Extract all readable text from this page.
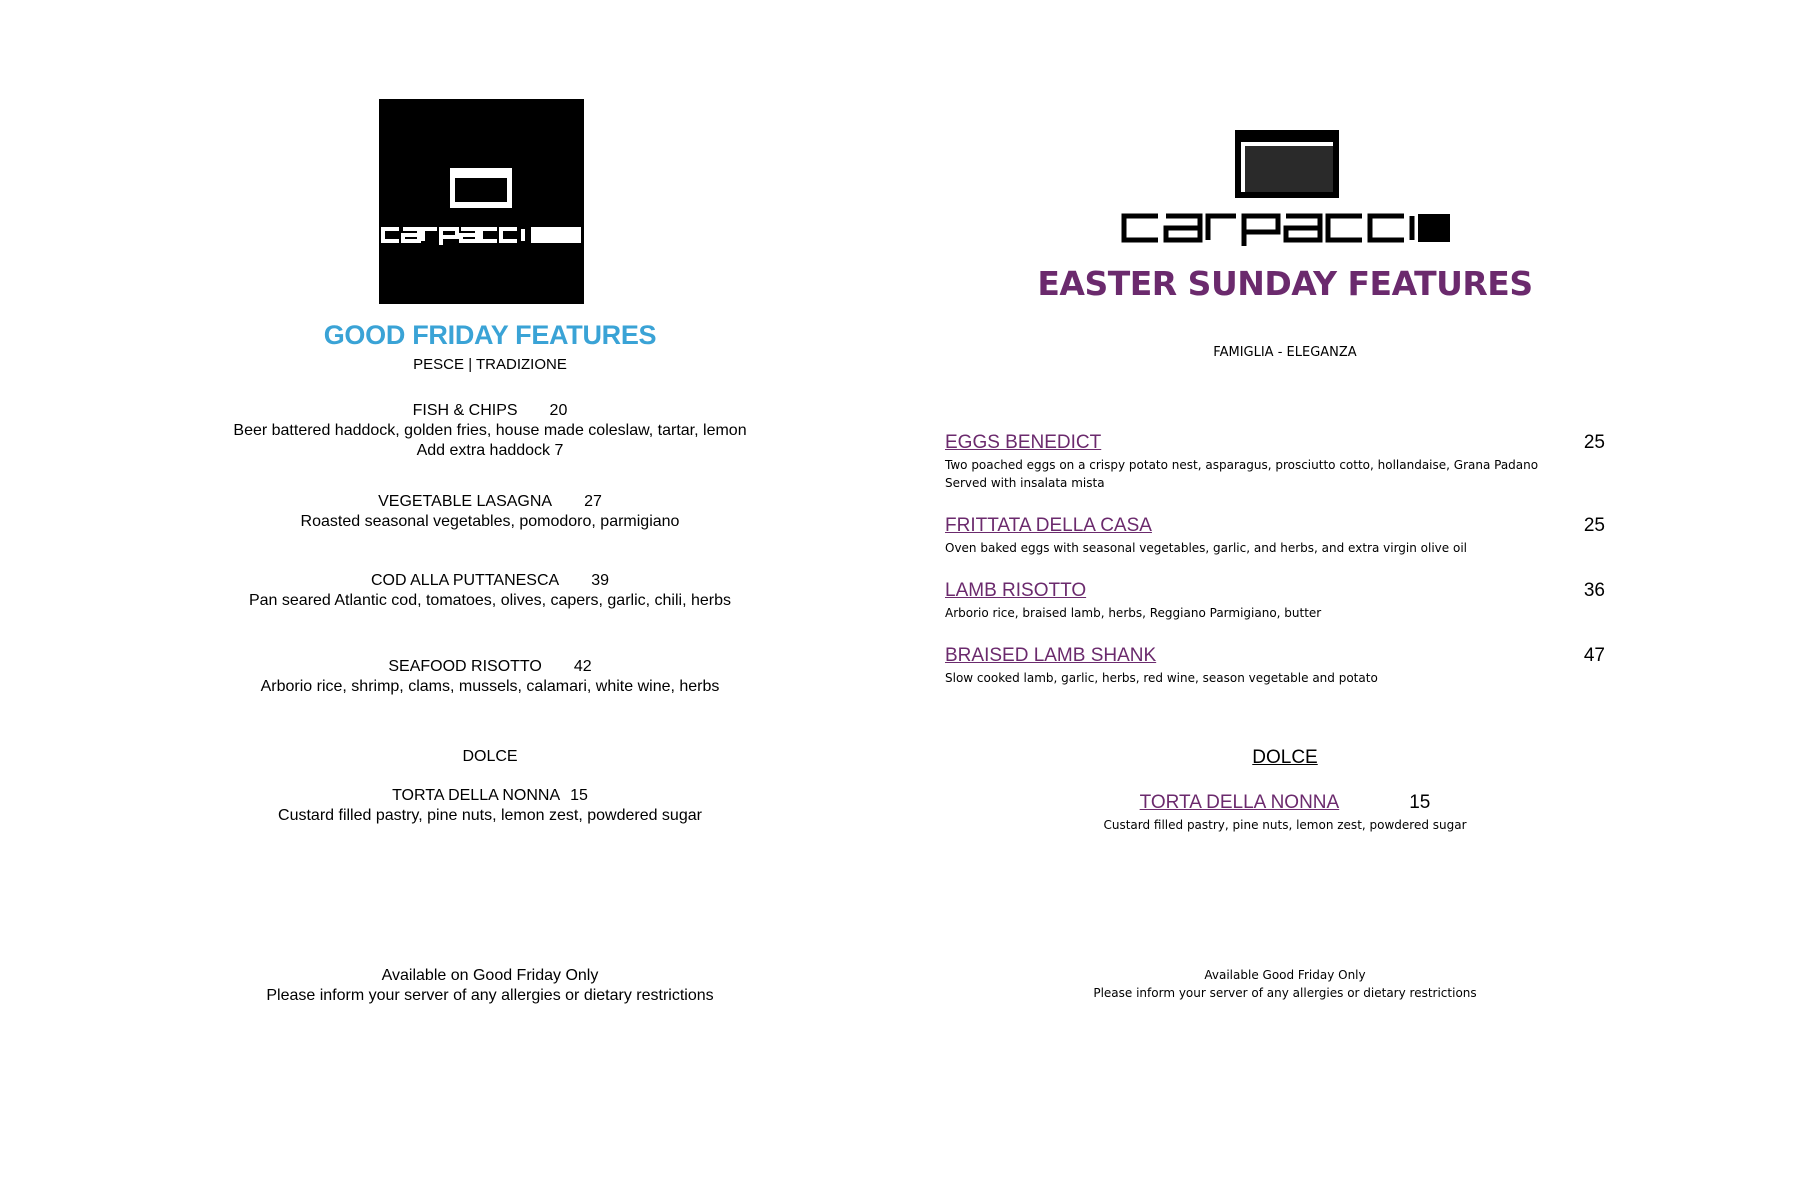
GOOD FRIDAY FEATURES
PESCE | TRADIZIONE
FISH & CHIPS 20
Beer battered haddock, golden fries, house made coleslaw, tartar, lemon
Add extra haddock 7
VEGETABLE LASAGNA 27
Roasted seasonal vegetables, pomodoro, parmigiano
COD ALLA PUTTANESCA 39
Pan seared Atlantic cod, tomatoes, olives, capers, garlic, chili, herbs
SEAFOOD RISOTTO 42
Arborio rice, shrimp, clams, mussels, calamari, white wine, herbs
DOLCE
TORTA DELLA NONNA 15
Custard filled pastry, pine nuts, lemon zest, powdered sugar
Available on Good Friday Only
Please inform your server of any allergies or dietary restrictions
EASTER SUNDAY FEATURES
FAMIGLIA - ELEGANZA
EGGS BENEDICT	25
Two poached eggs on a crispy potato nest, asparagus, prosciutto cotto, hollandaise, Grana Padano
Served with insalata mista
FRITTATA DELLA CASA	25
Oven baked eggs with seasonal vegetables, garlic, and herbs, and extra virgin olive oil
LAMB RISOTTO	36
Arborio rice, braised lamb, herbs, Reggiano Parmigiano, butter
BRAISED LAMB SHANK	47
Slow cooked lamb, garlic, herbs, red wine, season vegetable and potato
DOLCE
TORTA DELLA NONNA	15
Custard filled pastry, pine nuts, lemon zest, powdered sugar
Available Good Friday Only
Please inform your server of any allergies or dietary restrictions
